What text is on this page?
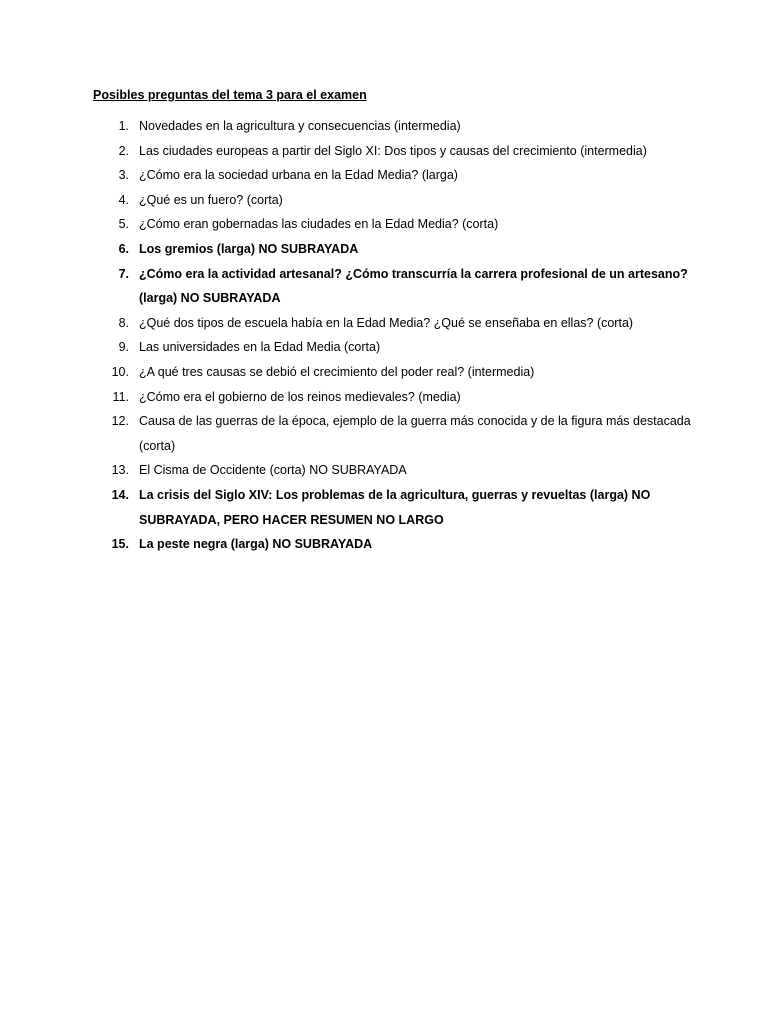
Posibles preguntas del tema 3 para el examen
1. Novedades en la agricultura y consecuencias (intermedia)
2. Las ciudades europeas a partir del Siglo XI: Dos tipos y causas del crecimiento (intermedia)
3. ¿Cómo era la sociedad urbana en la Edad Media? (larga)
4. ¿Qué es un fuero? (corta)
5. ¿Cómo eran gobernadas las ciudades en la Edad Media? (corta)
6. Los gremios (larga) NO SUBRAYADA
7. ¿Cómo era la actividad artesanal? ¿Cómo transcurría la carrera profesional de un artesano? (larga) NO SUBRAYADA
8. ¿Qué dos tipos de escuela había en la Edad Media? ¿Qué se enseñaba en ellas? (corta)
9. Las universidades en la Edad Media (corta)
10. ¿A qué tres causas se debió el crecimiento del poder real? (intermedia)
11. ¿Cómo era el gobierno de los reinos medievales? (media)
12. Causa de las guerras de la época, ejemplo de la guerra más conocida y de la figura más destacada (corta)
13. El Cisma de Occidente (corta) NO SUBRAYADA
14. La crisis del Siglo XIV: Los problemas de la agricultura, guerras y revueltas (larga) NO SUBRAYADA, PERO HACER RESUMEN NO LARGO
15. La peste negra (larga) NO SUBRAYADA
